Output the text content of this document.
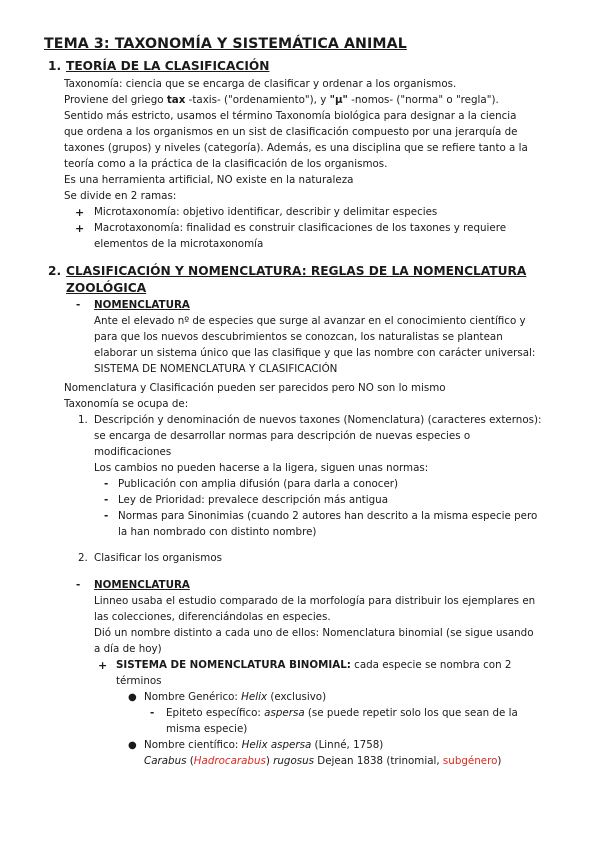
TEMA 3: TAXONOMÍA Y SISTEMÁTICA ANIMAL
1. TEORÍA DE LA CLASIFICACIÓN

Taxonomía: ciencia que se encarga de clasificar y ordenar a los organismos.

Proviene del griego tax -taxis- ("ordenamiento"), y "μ" -nomos- ("norma" o "regla").

Sentido más estricto, usamos el término Taxonomía biológica para designar a la ciencia

que ordena a los organismos en un sist de clasificación compuesto por una jerarquía de

taxones (grupos) y niveles (categoría). Además, es una disciplina que se refiere tanto a la

teoría como a la práctica de la clasificación de los organismos.

Es una herramienta artificial, NO existe en la naturaleza

Se divide en 2 ramas:

+ Microtaxonomía: objetivo identificar, describir y delimitar especies

+ Macrotaxonomía: finalidad es construir clasificaciones de los taxones y requiere

elementos de la microtaxonomía

2. CLASIFICACIÓN Y NOMENCLATURA: REGLAS DE LA NOMENCLATURA
ZOOLÓGICA
- NOMENCLATURA

Ante el elevado nº de especies que surge al avanzar en el conocimiento científico y

para que los nuevos descubrimientos se conozcan, los naturalistas se plantean

elaborar un sistema único que las clasifique y que las nombre con carácter universal:

SISTEMA DE NOMENCLATURA Y CLASIFICACIÓN

Nomenclatura y Clasificación pueden ser parecidos pero NO son lo mismo

Taxonomía se ocupa de:

1. Descripción y denominación de nuevos taxones (Nomenclatura) (caracteres externos):

se encarga de desarrollar normas para descripción de nuevas especies o

modificaciones

Los cambios no pueden hacerse a la ligera, siguen unas normas:

- Publicación con amplia difusión (para darla a conocer)

- Ley de Prioridad: prevalece descripción más antigua

- Normas para Sinonimias (cuando 2 autores han descrito a la misma especie pero

la han nombrado con distinto nombre)

2. Clasificar los organismos

- NOMENCLATURA

Linneo usaba el estudio comparado de la morfología para distribuir los ejemplares en

las colecciones, diferenciándolas en especies.

Dió un nombre distinto a cada uno de ellos: Nomenclatura binomial (se sigue usando

a día de hoy)

+ SISTEMA DE NOMENCLATURA BINOMIAL: cada especie se nombra con 2

términos

● Nombre Genérico: Helix (exclusivo)

- Epiteto específico: aspersa (se puede repetir solo los que sean de la

misma especie)

● Nombre científico: Helix aspersa (Linné, 1758)

Carabus (Hadrocarabus) rugosus Dejean 1838 (trinomial, subgénero)
